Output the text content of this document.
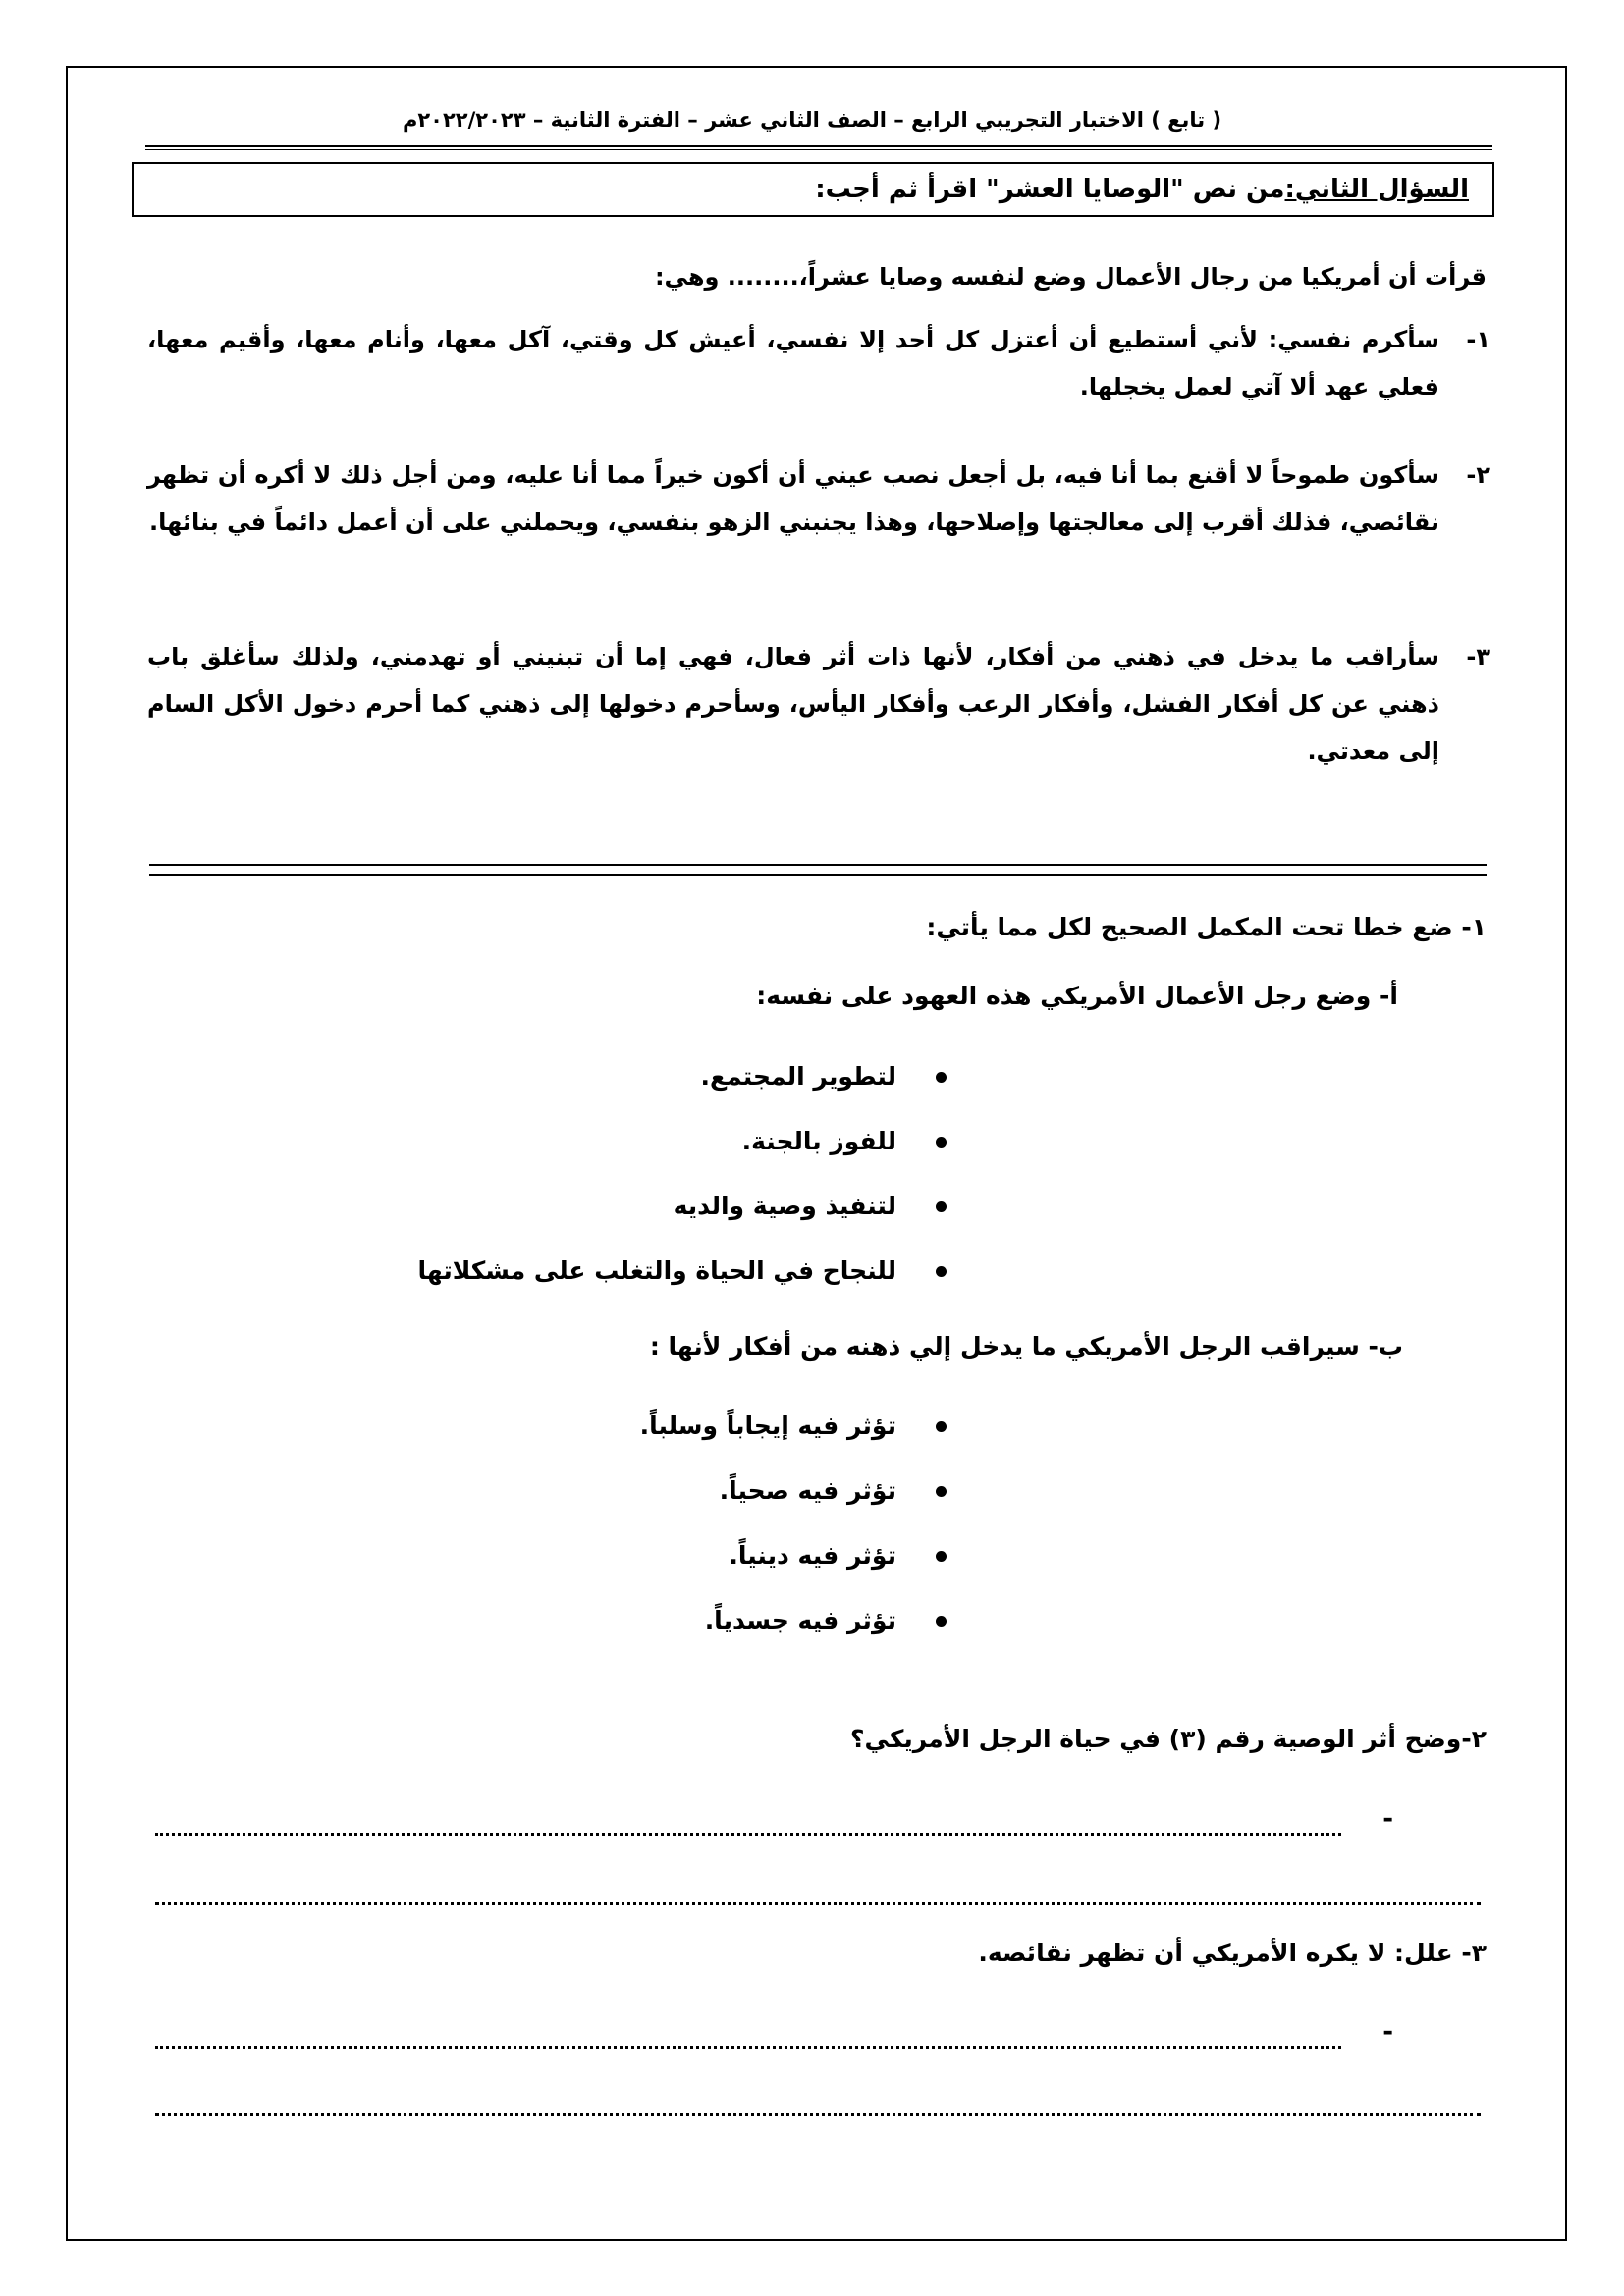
( تابع ) الاختبار التجريبي الرابع – الصف الثاني عشر – الفترة الثانية – ٢٠٢٢/٢٠٢٣م
السؤال الثاني:
من نص "الوصايا العشر" اقرأ ثم أجب:
قرأت أن أمريكيا من رجال الأعمال وضع لنفسه وصايا عشراً،........ وهي:
١-
سأكرم نفسي: لأني أستطيع أن أعتزل كل أحد إلا نفسي، أعيش كل وقتي، آكل معها، وأنام معها، وأقيم معها، فعلي عهد ألا آتي لعمل يخجلها.
٢-
سأكون طموحاً لا أقنع بما أنا فيه، بل أجعل نصب عيني أن أكون خيراً مما أنا عليه، ومن أجل ذلك لا أكره أن تظهر نقائصي، فذلك أقرب إلى معالجتها وإصلاحها، وهذا يجنبني الزهو بنفسي، ويحملني على أن أعمل دائماً في بنائها.
٣-
سأراقب ما يدخل في ذهني من أفكار، لأنها ذات أثر فعال، فهي إما أن تبنيني أو تهدمني، ولذلك سأغلق باب ذهني عن كل أفكار الفشل، وأفكار الرعب وأفكار اليأس، وسأحرم دخولها إلى ذهني كما أحرم دخول الأكل السام إلى معدتي.
١- ضع خطا تحت المكمل الصحيح لكل مما يأتي:
أ- وضع رجل الأعمال الأمريكي هذه العهود على نفسه:
لتطوير المجتمع.
للفوز بالجنة.
لتنفيذ وصية والديه
للنجاح في الحياة والتغلب على مشكلاتها
ب- سيراقب الرجل الأمريكي ما يدخل إلي ذهنه من أفكار لأنها :
تؤثر فيه إيجاباً وسلباً.
تؤثر فيه صحياً.
تؤثر فيه دينياً.
تؤثر فيه جسدياً.
٢-وضح أثر الوصية رقم (٣) في حياة الرجل الأمريكي؟
-
٣- علل: لا يكره الأمريكي أن تظهر نقائصه.
-
